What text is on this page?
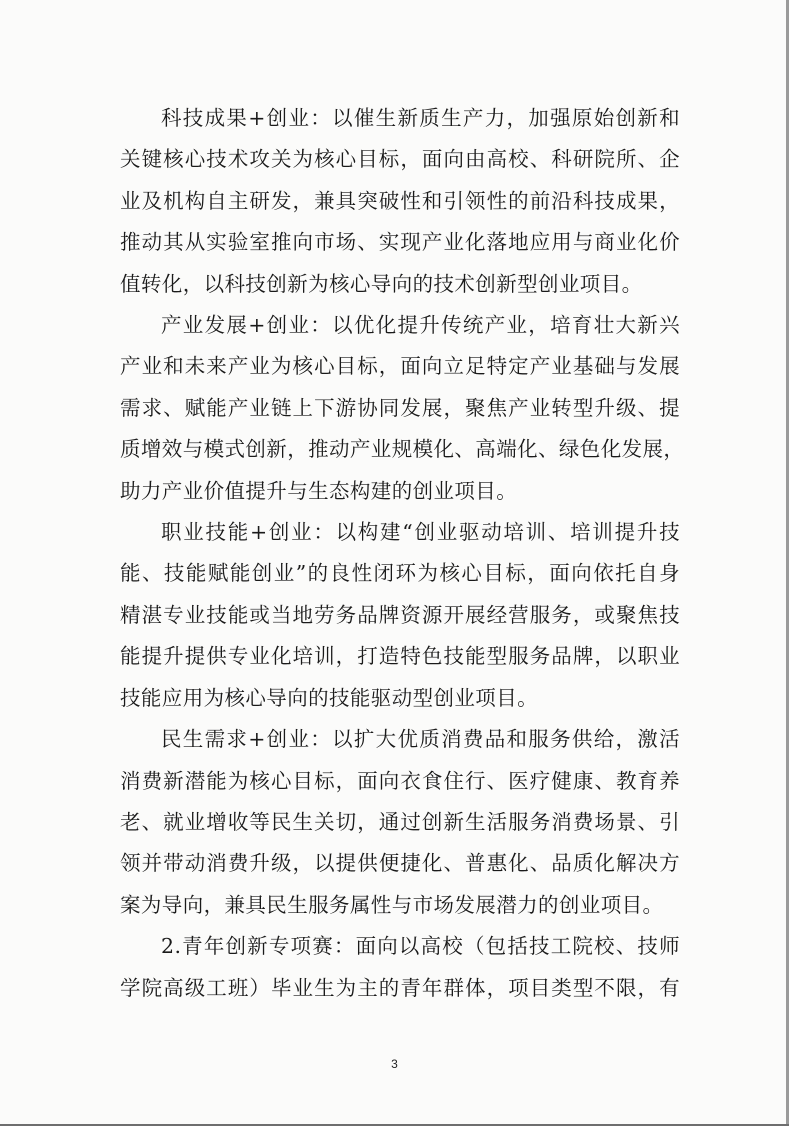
科技成果+创业：以催生新质生产力，加强原始创新和
关键核心技术攻关为核心目标，面向由高校、科研院所、企
业及机构自主研发，兼具突破性和引领性的前沿科技成果，
推动其从实验室推向市场、实现产业化落地应用与商业化价
值转化，以科技创新为核心导向的技术创新型创业项目。

产业发展+创业：以优化提升传统产业，培育壮大新兴
产业和未来产业为核心目标，面向立足特定产业基础与发展
需求、赋能产业链上下游协同发展，聚焦产业转型升级、提
质增效与模式创新，推动产业规模化、高端化、绿色化发展，
助力产业价值提升与生态构建的创业项目。

职业技能+创业：以构建“创业驱动培训、培训提升技
能、技能赋能创业”的良性闭环为核心目标，面向依托自身
精湛专业技能或当地劳务品牌资源开展经营服务，或聚焦技
能提升提供专业化培训，打造特色技能型服务品牌，以职业
技能应用为核心导向的技能驱动型创业项目。

民生需求+创业：以扩大优质消费品和服务供给，激活
消费新潜能为核心目标，面向衣食住行、医疗健康、教育养
老、就业增收等民生关切，通过创新生活服务消费场景、引
领并带动消费升级，以提供便捷化、普惠化、品质化解决方
案为导向，兼具民生服务属性与市场发展潜力的创业项目。

2.青年创新专项赛：面向以高校（包括技工院校、技师
学院高级工班）毕业生为主的青年群体，项目类型不限，有

3
